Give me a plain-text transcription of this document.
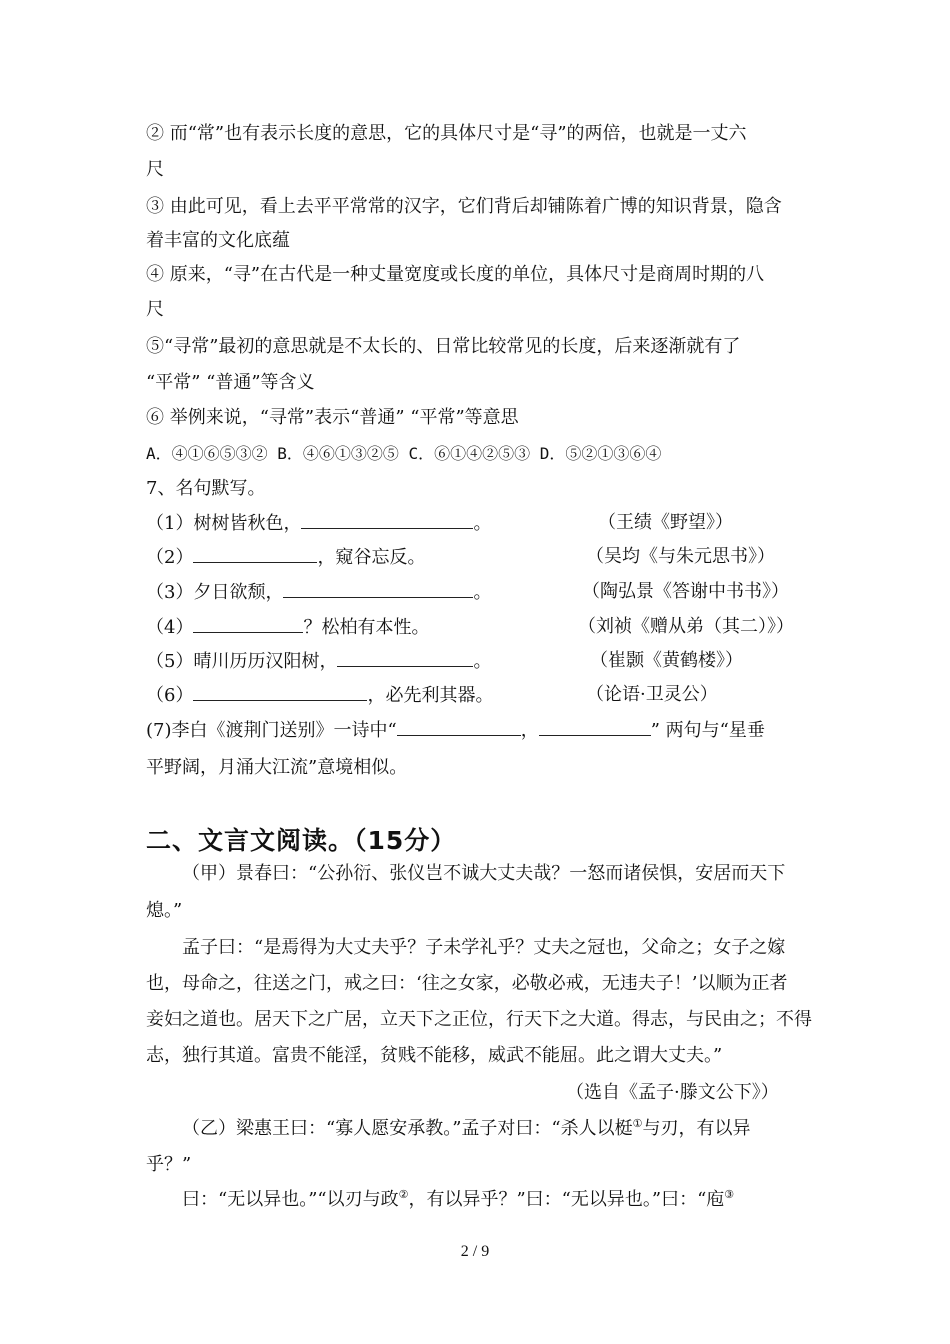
② 而“常”也有表示长度的意思，它的具体尺寸是“寻”的两倍，也就是一丈六
尺
③ 由此可见，看上去平平常常的汉字，它们背后却铺陈着广博的知识背景，隐含
着丰富的文化底蕴
④ 原来，“寻”在古代是一种丈量宽度或长度的单位，具体尺寸是商周时期的八
尺
⑤“寻常”最初的意思就是不太长的、日常比较常见的长度，后来逐渐就有了
“平常” “普通”等含义
⑥ 举例来说，“寻常”表示“普通” “平常”等意思
A．④①⑥⑤③② B．④⑥①③②⑤ C．⑥①④②⑤③ D．⑤②①③⑥④
7、名句默写。
（1）树树皆秋色，	。	（王绩《野望》）
（2）	，窥谷忘反。	（吴均《与朱元思书》）
（3）夕日欲颓，	。	（陶弘景《答谢中书书》）
（4）	？松柏有本性。	（刘祯《赠从弟（其二）》）
（5）晴川历历汉阳树，	。	（崔颢《黄鹤楼》）
（6）	，必先利其器。	（论语·卫灵公）
(7)李白《渡荆门送别》一诗中“	，	” 两句与“星垂
平野阔，月涌大江流”意境相似。
二、文言文阅读。（15分）
（甲）景春曰：“公孙衍、张仪岂不诚大丈夫哉？一怒而诸侯惧，安居而天下
熄。”
孟子曰：“是焉得为大丈夫乎？子未学礼乎？丈夫之冠也，父命之；女子之嫁
也，母命之，往送之门，戒之曰：‘往之女家，必敬必戒，无违夫子！’以顺为正者
妾妇之道也。居天下之广居，立天下之正位，行天下之大道。得志，与民由之；不得
志，独行其道。富贵不能淫，贫贱不能移，威武不能屈。此之谓大丈夫。”
（选自《孟子·滕文公下》）
（乙）梁惠王曰：“寡人愿安承教。”孟子对曰：“杀人以梃①与刃，有以异
乎？”
曰：“无以异也。”“以刃与政②，有以异乎？”曰：“无以异也。”曰：“庖③
2 / 9
